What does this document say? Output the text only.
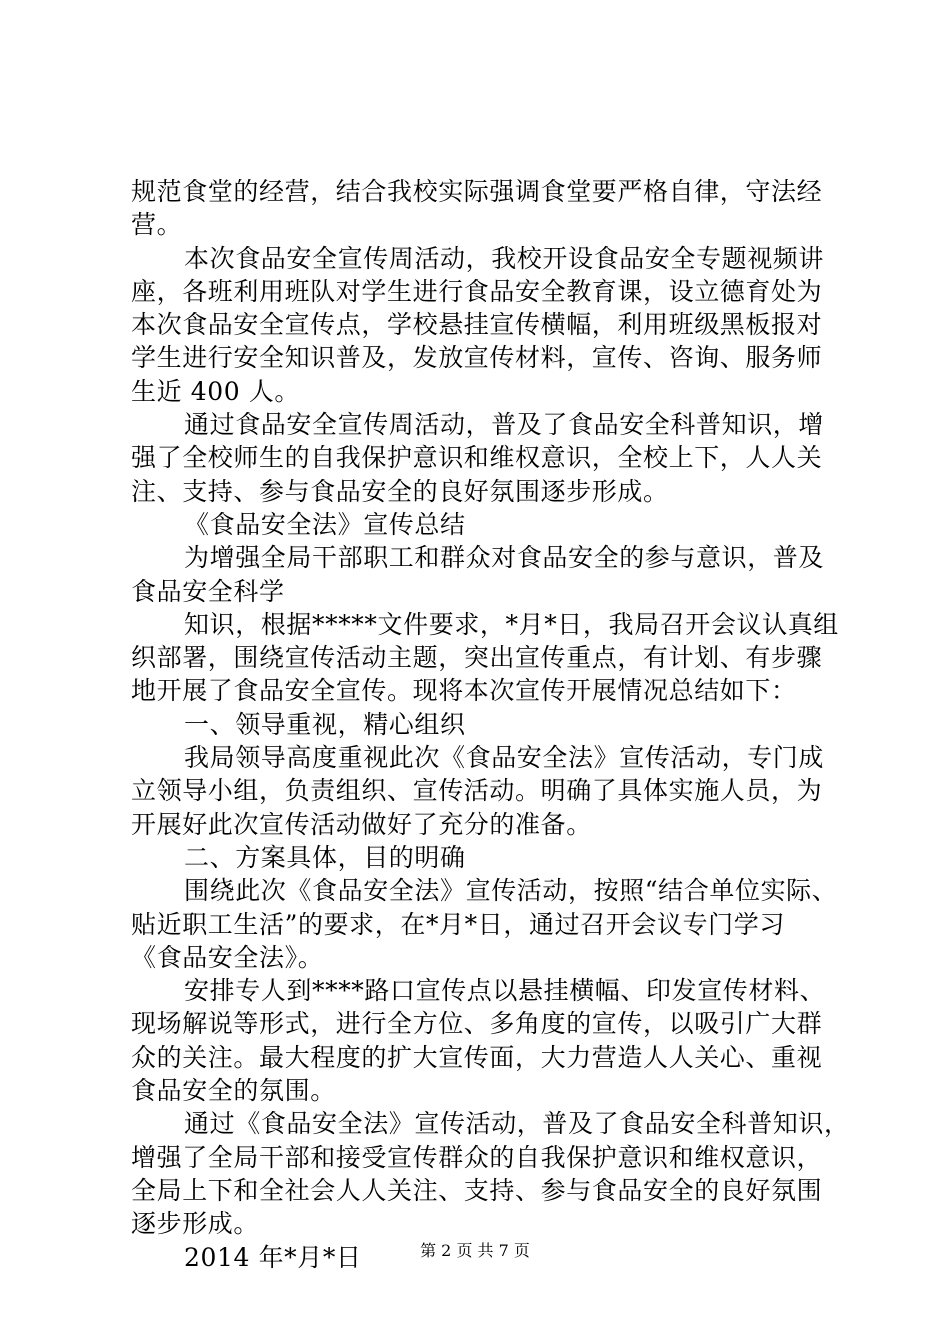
规范食堂的经营，结合我校实际强调食堂要严格自律，守法经
营。
本次食品安全宣传周活动，我校开设食品安全专题视频讲
座，各班利用班队对学生进行食品安全教育课，设立德育处为
本次食品安全宣传点，学校悬挂宣传横幅，利用班级黑板报对
学生进行安全知识普及，发放宣传材料，宣传、咨询、服务师
生近 400 人。
通过食品安全宣传周活动，普及了食品安全科普知识，增
强了全校师生的自我保护意识和维权意识，全校上下，人人关
注、支持、参与食品安全的良好氛围逐步形成。
《食品安全法》宣传总结
为增强全局干部职工和群众对食品安全的参与意识，普及
食品安全科学
知识，根据*****文件要求，*月*日，我局召开会议认真组
织部署，围绕宣传活动主题，突出宣传重点，有计划、有步骤
地开展了食品安全宣传。现将本次宣传开展情况总结如下：
一、领导重视，精心组织
我局领导高度重视此次《食品安全法》宣传活动，专门成
立领导小组，负责组织、宣传活动。明确了具体实施人员，为
开展好此次宣传活动做好了充分的准备。
二、方案具体，目的明确
围绕此次《食品安全法》宣传活动，按照“结合单位实际、
贴近职工生活”的要求，在*月*日，通过召开会议专门学习
《食品安全法》。
安排专人到****路口宣传点以悬挂横幅、印发宣传材料、
现场解说等形式，进行全方位、多角度的宣传，以吸引广大群
众的关注。最大程度的扩大宣传面，大力营造人人关心、重视
食品安全的氛围。
通过《食品安全法》宣传活动，普及了食品安全科普知识，
增强了全局干部和接受宣传群众的自我保护意识和维权意识，
全局上下和全社会人人关注、支持、参与食品安全的良好氛围
逐步形成。
2014 年*月*日	第 2 页 共 7 页
